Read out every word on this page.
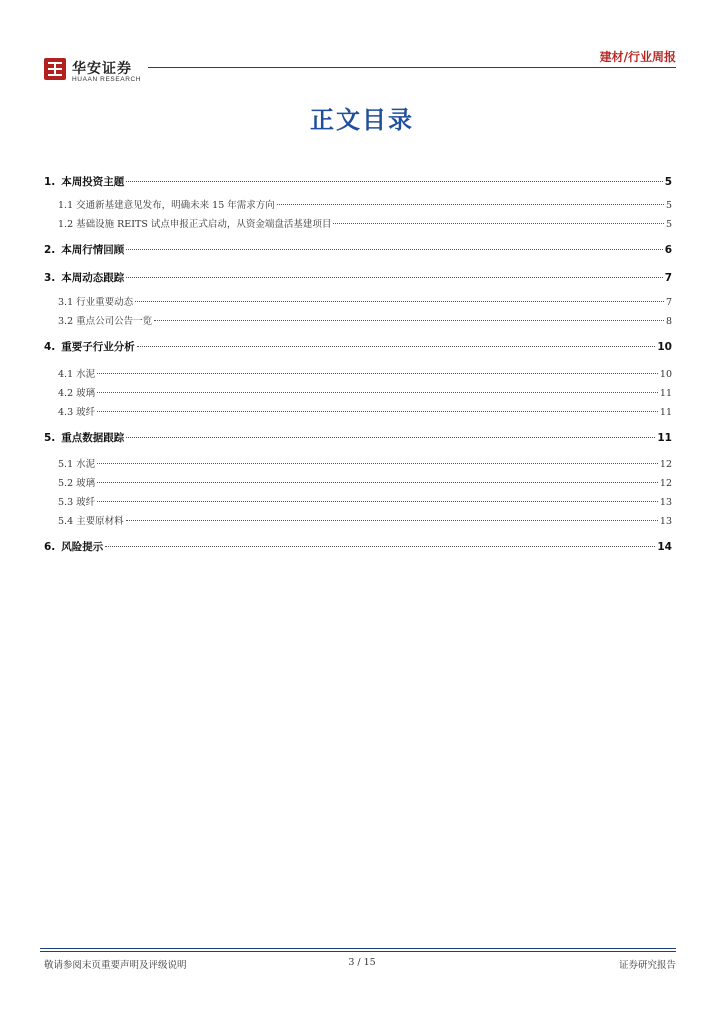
华安证券
HUAAN RESEARCH
建材/行业周报
正文目录
1. 本周投资主题	5
1.1 交通新基建意见发布，明确未来 15 年需求方向	5
1.2 基础设施 REITS 试点申报正式启动，从资金端盘活基建项目	5
2. 本周行情回顾	6
3. 本周动态跟踪	7
3.1 行业重要动态	7
3.2 重点公司公告一览	8
4. 重要子行业分析	10
4.1 水泥	10
4.2 玻璃	11
4.3 玻纤	11
5. 重点数据跟踪	11
5.1 水泥	12
5.2 玻璃	12
5.3 玻纤	13
5.4 主要原材料	13
6. 风险提示	14
敬请参阅末页重要声明及评级说明	3 / 15	证券研究报告
